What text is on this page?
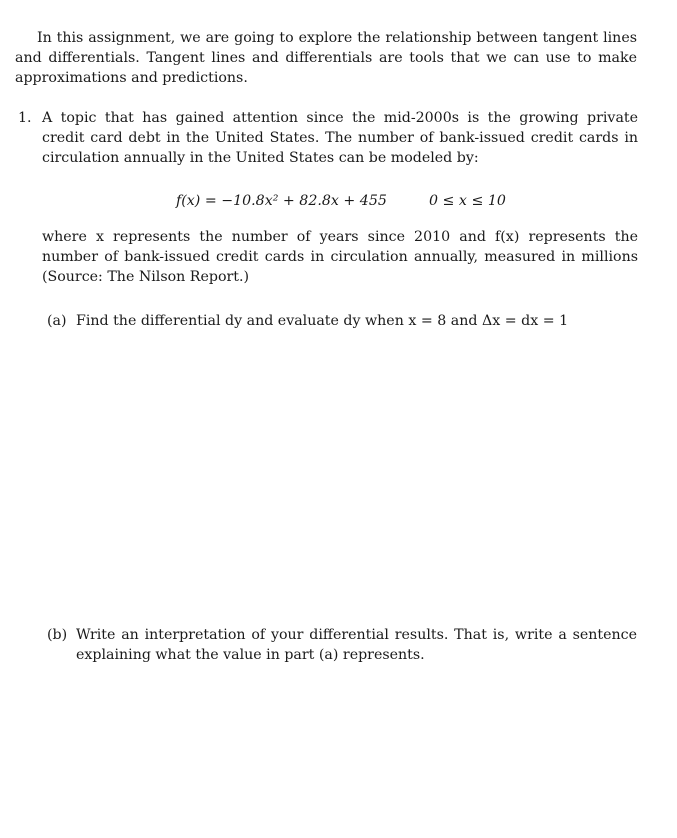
In this assignment, we are going to explore the relationship between tangent lines and differentials. Tangent lines and differentials are tools that we can use to make approximations and predictions.
1. A topic that has gained attention since the mid-2000s is the growing private credit card debt in the United States. The number of bank-issued credit cards in circulation annually in the United States can be modeled by:
f(x) = −10.8x² + 82.8x + 455	0 ≤ x ≤ 10
where x represents the number of years since 2010 and f(x) represents the number of bank-issued credit cards in circulation annually, measured in millions (Source: The Nilson Report.)
(a) Find the differential dy and evaluate dy when x = 8 and Δx = dx = 1
(b) Write an interpretation of your differential results. That is, write a sentence explaining what the value in part (a) represents.
